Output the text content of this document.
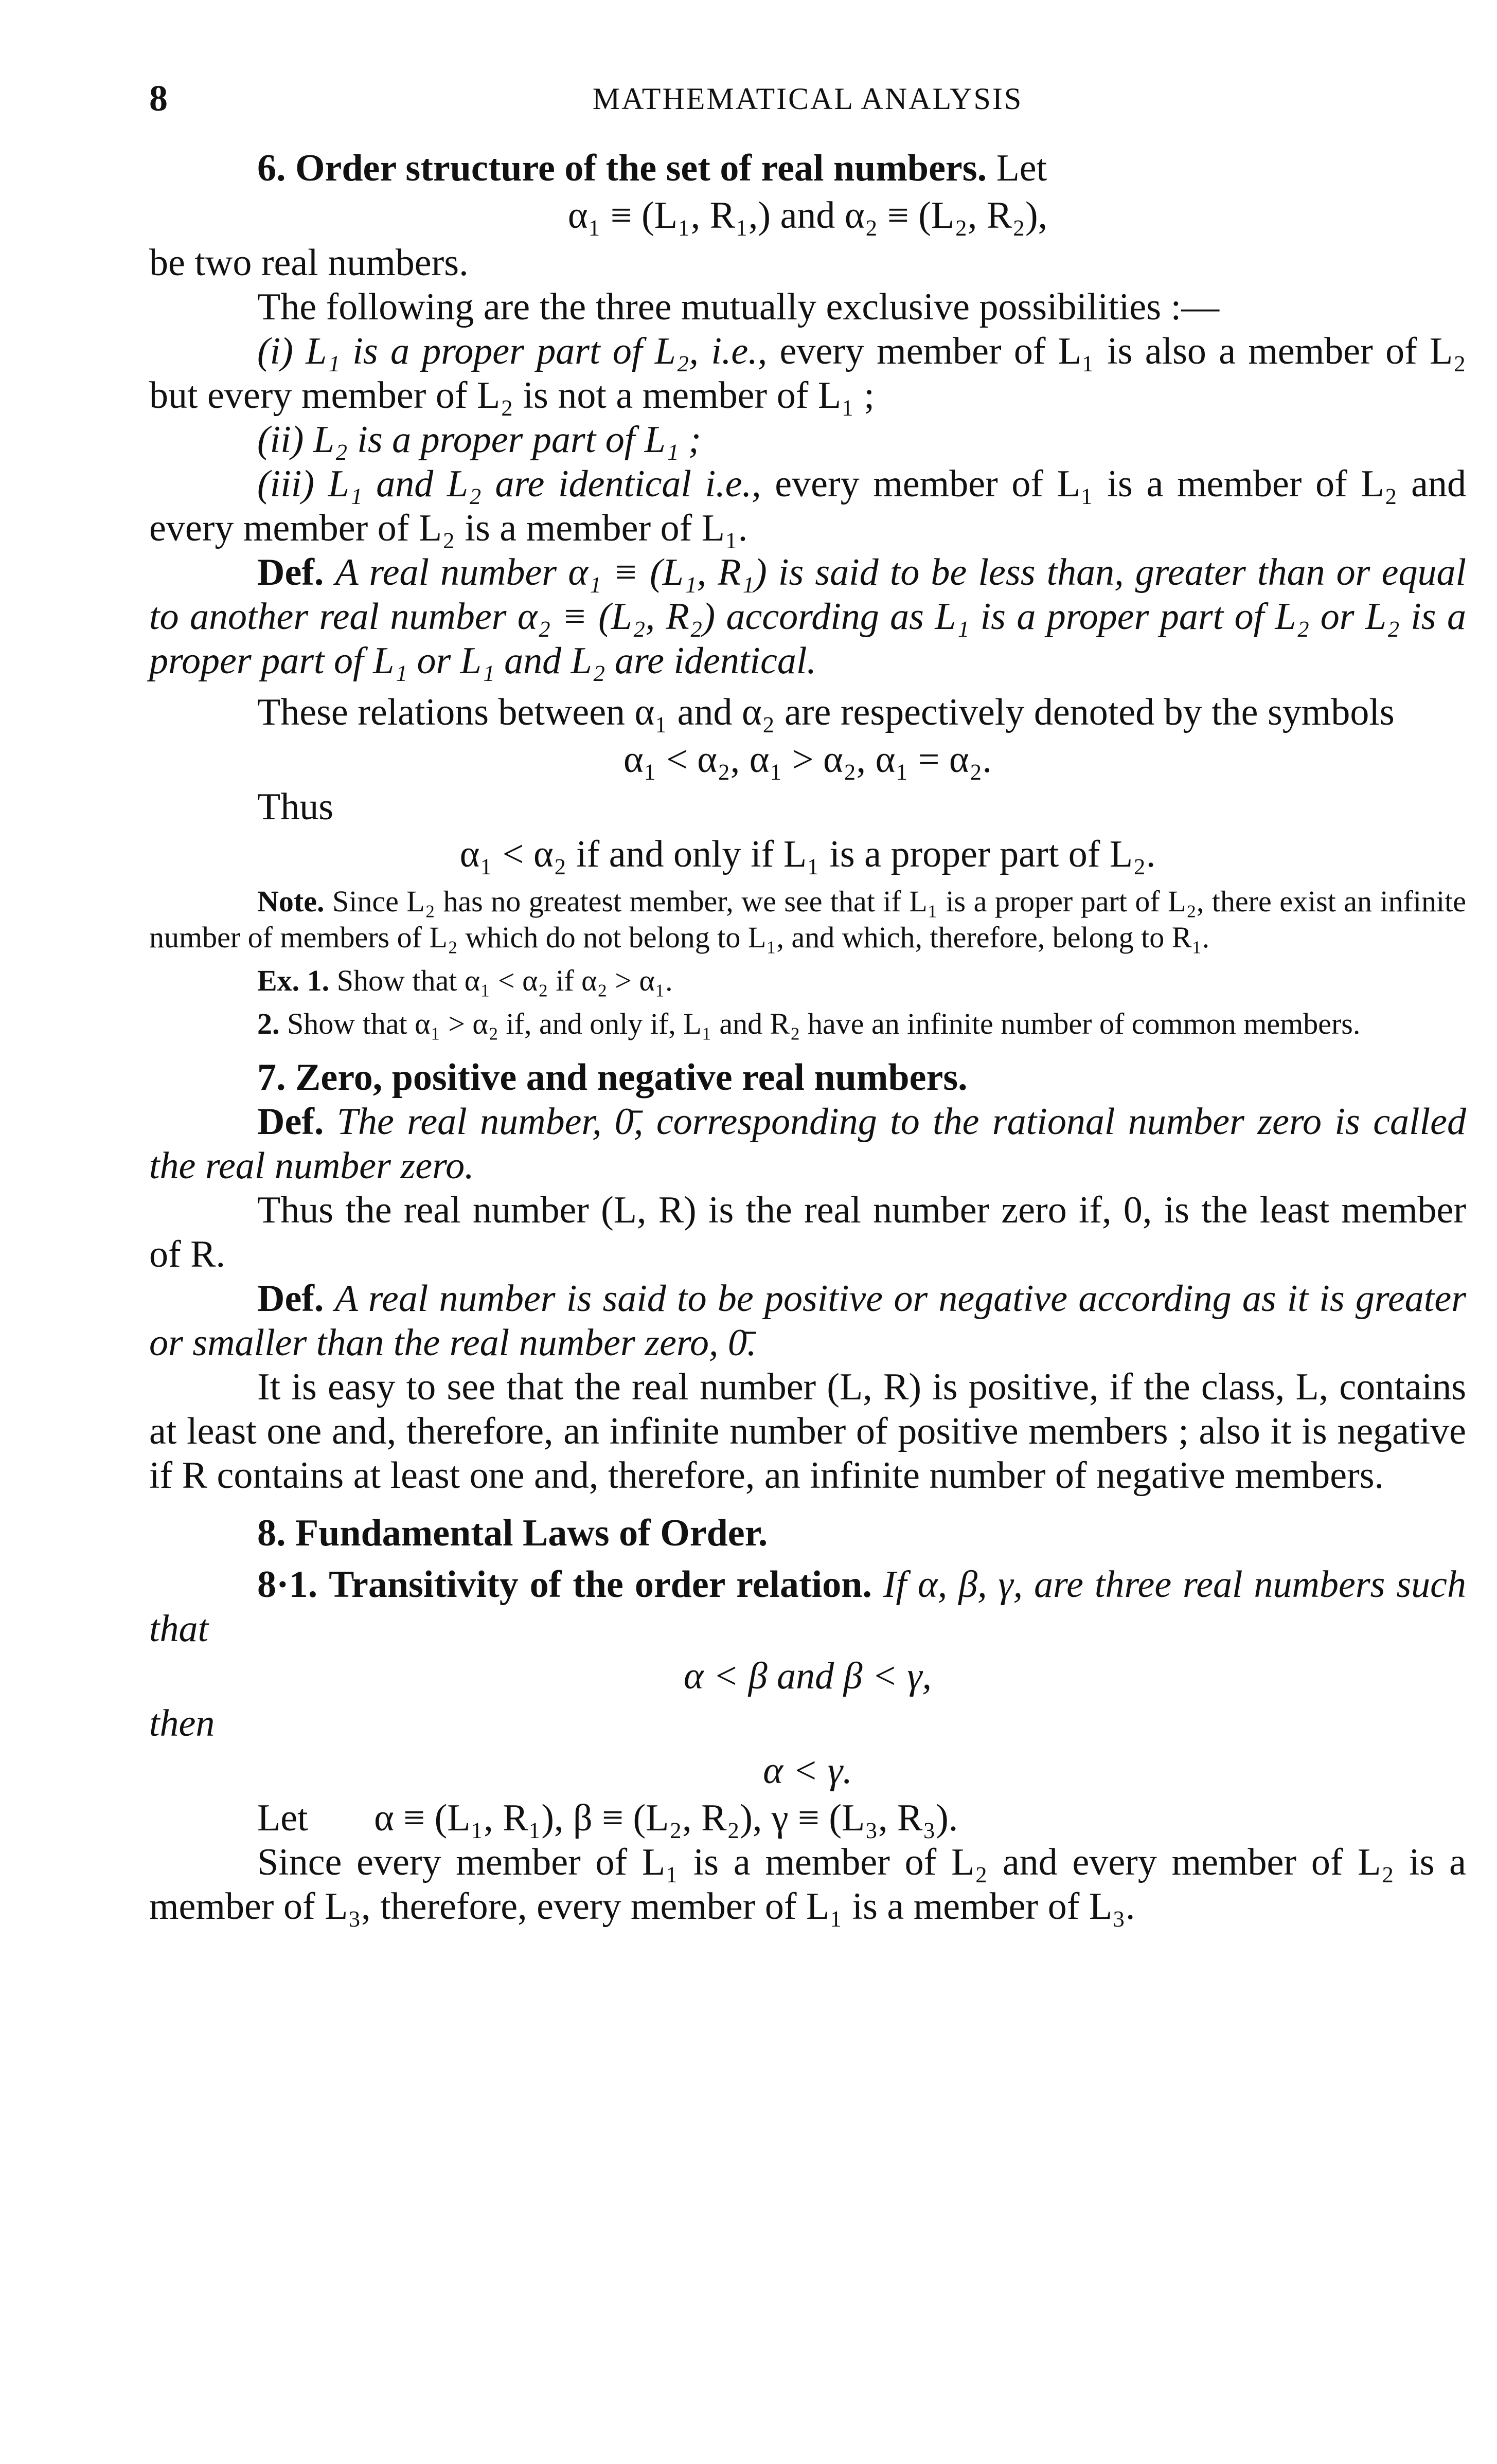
8	MATHEMATICAL ANALYSIS

6. Order structure of the set of real numbers. Let

α₁ ≡ (L₁, R₁,) and α₂ ≡ (L₂, R₂),

be two real numbers.

The following are the three mutually exclusive possibilities :—

(i) L₁ is a proper part of L₂, i.e., every member of L₁ is also a member of L₂ but every member of L₂ is not a member of L₁ ;

(ii) L₂ is a proper part of L₁ ;

(iii) L₁ and L₂ are identical i.e., every member of L₁ is a member of L₂ and every member of L₂ is a member of L₁.

Def. A real number α₁ ≡ (L₁, R₁) is said to be less than, greater than or equal to another real number α₂ ≡ (L₂, R₂) according as L₁ is a proper part of L₂ or L₂ is a proper part of L₁ or L₁ and L₂ are identical.

These relations between α₁ and α₂ are respectively denoted by the symbols

α₁ < α₂, α₁ > α₂, α₁ = α₂.

Thus

α₁ < α₂ if and only if L₁ is a proper part of L₂.

Note. Since L₂ has no greatest member, we see that if L₁ is a proper part of L₂, there exist an infinite number of members of L₂ which do not belong to L₁, and which, therefore, belong to R₁.

Ex. 1. Show that α₁ < α₂ if α₂ > α₁.

2. Show that α₁ > α₂ if, and only if, L₁ and R₂ have an infinite number of common members.

7. Zero, positive and negative real numbers.

Def. The real number, 0̄, corresponding to the rational number zero is called the real number zero.

Thus the real number (L, R) is the real number zero if, 0, is the least member of R.

Def. A real number is said to be positive or negative according as it is greater or smaller than the real number zero, 0̄.

It is easy to see that the real number (L, R) is positive, if the class, L, contains at least one and, therefore, an infinite number of positive members ; also it is negative if R contains at least one and, therefore, an infinite number of negative members.

8. Fundamental Laws of Order.

8·1. Transitivity of the order relation. If α, β, γ, are three real numbers such that

α < β and β < γ,

then

α < γ.

Let α ≡ (L₁, R₁), β ≡ (L₂, R₂), γ ≡ (L₃, R₃).

Since every member of L₁ is a member of L₂ and every member of L₂ is a member of L₃, therefore, every member of L₁ is a member of L₃.
